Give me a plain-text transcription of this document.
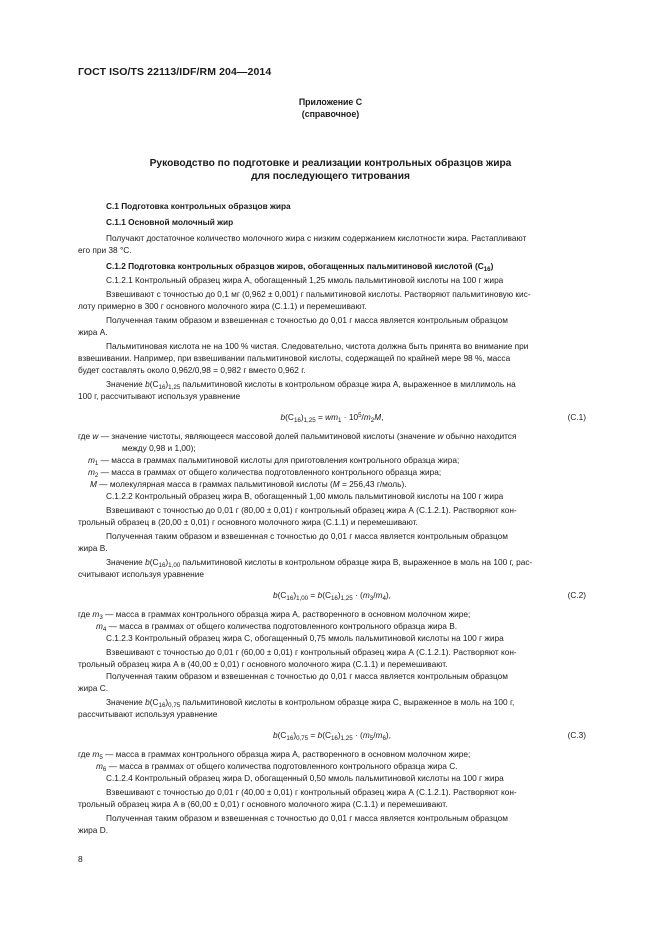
ГОСТ ISO/TS 22113/IDF/RM 204—2014
Приложение С
(справочное)
Руководство по подготовке и реализации контрольных образцов жира
для последующего титрования

С.1 Подготовка контрольных образцов жира

С.1.1 Основной молочный жир

Получают достаточное количество молочного жира с низким содержанием кислотности жира. Растапливают

его при 38 °С.

С.1.2 Подготовка контрольных образцов жиров, обогащенных пальмитиновой кислотой $(С_{16})$

С.1.2.1 Контрольный образец жира А, обогащенный 1,25 ммоль пальмитиновой кислоты на 100 г жира

Взвешивают с точностью до 0,1 мг (0,962 ± 0,001) г пальмитиновой кислоты. Растворяют пальмитиновую кис-

лоту примерно в 300 г основного молочного жира (С.1.1) и перемешивают.

Полученная таким образом и взвешенная с точностью до 0,01 г масса является контрольным образцом

жира А.

Пальмитиновая кислота не на 100 % чистая. Следовательно, чистота должна быть принята во внимание при

взвешивании. Например, при взвешивании пальмитиновой кислоты, содержащей по крайней мере 98 %, масса

будет составлять около 0,962/0,98 = 0,982 г вместо 0,962 г.

Значение $b(C_{16})_{1,25}$ пальмитиновой кислоты в контрольном образце жира А, выраженное в миллимоль на

100 г, рассчитывают используя уравнение

$b(C_{16})_{1,25} = wm_1 \cdot 10^5/m_2M$,	(С.1)

где w — значение чистоты, являющееся массовой долей пальмитиновой кислоты (значение w обычно находится

между 0,98 и 1,00);

$m_1$ — масса в граммах пальмитиновой кислоты для приготовления контрольного образца жира;

$m_2$ — масса в граммах от общего количества подготовленного контрольного образца жира;

M — молекулярная масса в граммах пальмитиновой кислоты (M = 256,43 г/моль).

С.1.2.2 Контрольный образец жира В, обогащенный 1,00 ммоль пальмитиновой кислоты на 100 г жира

Взвешивают с точностью до 0,01 г (80,00 ± 0,01) г контрольный образец жира А (С.1.2.1). Растворяют кон-

трольный образец в (20,00 ± 0,01) г основного молочного жира (С.1.1) и перемешивают.

Полученная таким образом и взвешенная с точностью до 0,01 г масса является контрольным образцом

жира В.

Значение $b(C_{16})_{1,00}$ пальмитиновой кислоты в контрольном образце жира В, выраженное в моль на 100 г, рас-

считывают используя уравнение

$b(C_{16})_{1,00} = b(C_{16})_{1,25} \cdot (m_3/m_4)$,	(С.2)

где $m_3$ — масса в граммах контрольного образца жира А, растворенного в основном молочном жире;

$m_4$ — масса в граммах от общего количества подготовленного контрольного образца жира В.

С.1.2.3 Контрольный образец жира С, обогащенный 0,75 ммоль пальмитиновой кислоты на 100 г жира

Взвешивают с точностью до 0,01 г (60,00 ± 0,01) г контрольный образец жира А (С.1.2.1). Растворяют кон-

трольный образец жира А в (40,00 ± 0,01) г основного молочного жира (С.1.1) и перемешивают.

Полученная таким образом и взвешенная с точностью до 0,01 г масса является контрольным образцом

жира С.

Значение $b(C_{16})_{0,75}$ пальмитиновой кислоты в контрольном образце жира С, выраженное в моль на 100 г,

рассчитывают используя уравнение

$b(C_{16})_{0,75} = b(C_{16})_{1,25} \cdot (m_5/m_6)$,	(С.3)

где $m_5$ — масса в граммах контрольного образца жира А, растворенного в основном молочном жире;

$m_6$ — масса в граммах от общего количества подготовленного контрольного образца жира С.

С.1.2.4 Контрольный образец жира D, обогащенный 0,50 ммоль пальмитиновой кислоты на 100 г жира

Взвешивают с точностью до 0,01 г (40,00 ± 0,01) г контрольный образец жира А (С.1.2.1). Растворяют кон-

трольный образец жира А в (60,00 ± 0,01) г основного молочного жира (С.1.1) и перемешивают.

Полученная таким образом и взвешенная с точностью до 0,01 г масса является контрольным образцом

жира D.

8
